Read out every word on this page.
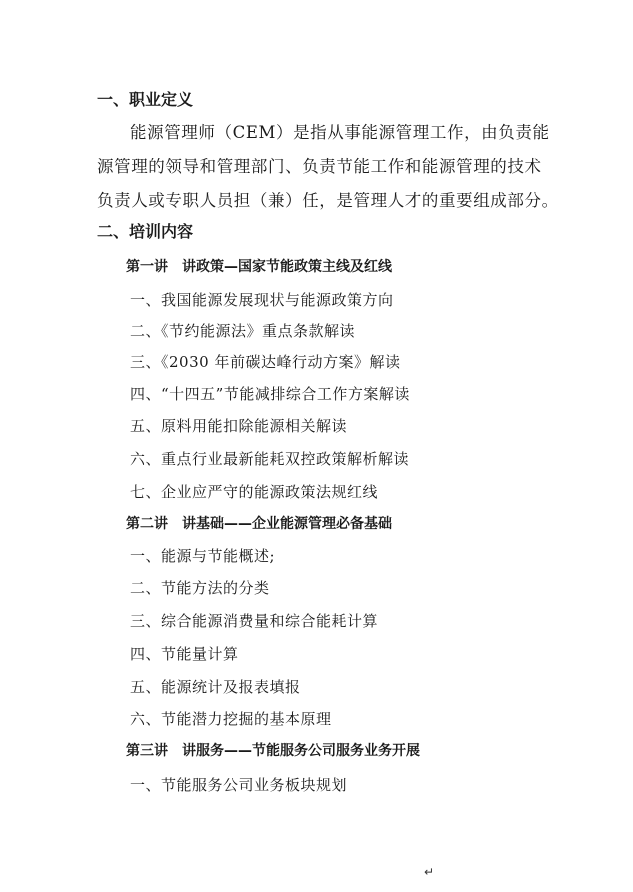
一、职业定义
能源管理师（CEM）是指从事能源管理工作，由负责能
源管理的领导和管理部门、负责节能工作和能源管理的技术
负责人或专职人员担（兼）任，是管理人才的重要组成部分。
二、培训内容
第一讲　讲政策—国家节能政策主线及红线
一、我国能源发展现状与能源政策方向
二、《节约能源法》重点条款解读
三、《2030 年前碳达峰行动方案》解读
四、“十四五”节能减排综合工作方案解读
五、原料用能扣除能源相关解读
六、重点行业最新能耗双控政策解析解读
七、企业应严守的能源政策法规红线
第二讲　讲基础——企业能源管理必备基础
一、能源与节能概述;
二、节能方法的分类
三、综合能源消费量和综合能耗计算
四、节能量计算
五、能源统计及报表填报
六、节能潜力挖掘的基本原理
第三讲　讲服务——节能服务公司服务业务开展
一、节能服务公司业务板块规划
↵
